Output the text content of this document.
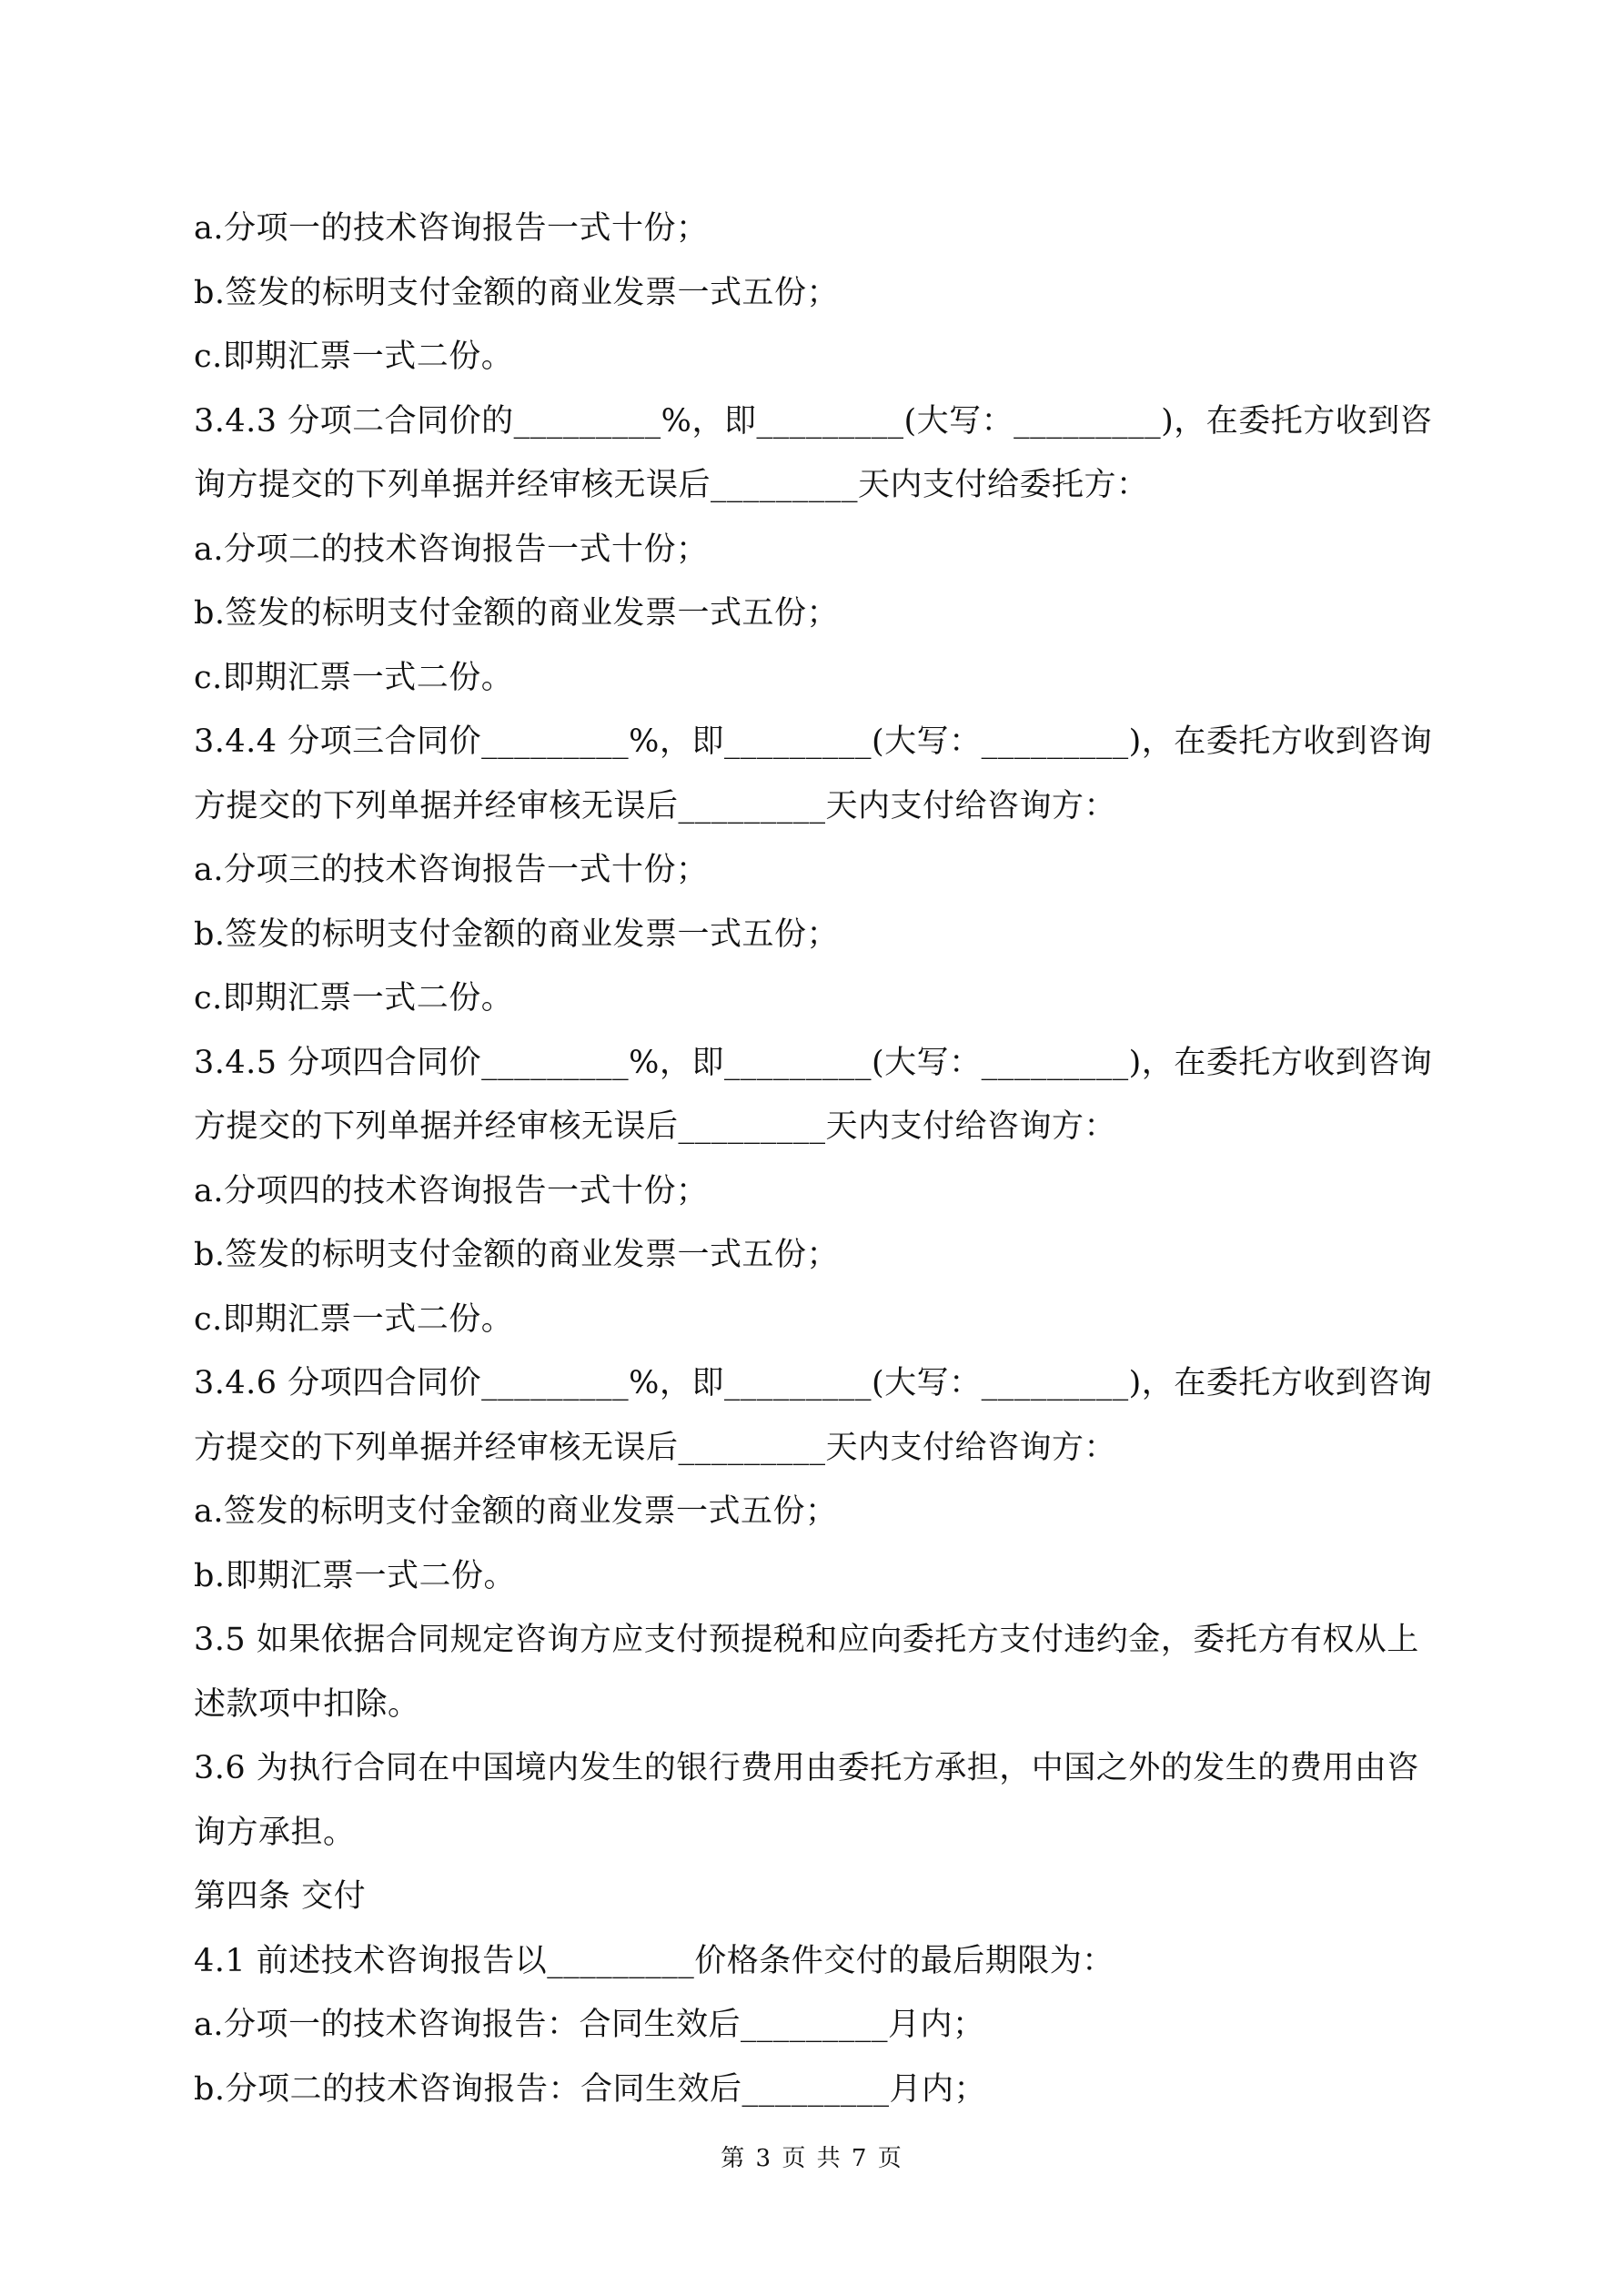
a.分项一的技术咨询报告一式十份；
b.签发的标明支付金额的商业发票一式五份；
c.即期汇票一式二份。
3.4.3 分项二合同价的_________%，即_________(大写：_________)，在委托方收到咨
询方提交的下列单据并经审核无误后_________天内支付给委托方：
a.分项二的技术咨询报告一式十份；
b.签发的标明支付金额的商业发票一式五份；
c.即期汇票一式二份。
3.4.4 分项三合同价_________%，即_________(大写：_________)，在委托方收到咨询
方提交的下列单据并经审核无误后_________天内支付给咨询方：
a.分项三的技术咨询报告一式十份；
b.签发的标明支付金额的商业发票一式五份；
c.即期汇票一式二份。
3.4.5 分项四合同价_________%，即_________(大写：_________)，在委托方收到咨询
方提交的下列单据并经审核无误后_________天内支付给咨询方：
a.分项四的技术咨询报告一式十份；
b.签发的标明支付金额的商业发票一式五份；
c.即期汇票一式二份。
3.4.6 分项四合同价_________%，即_________(大写：_________)，在委托方收到咨询
方提交的下列单据并经审核无误后_________天内支付给咨询方：
a.签发的标明支付金额的商业发票一式五份；
b.即期汇票一式二份。
3.5 如果依据合同规定咨询方应支付预提税和应向委托方支付违约金，委托方有权从上
述款项中扣除。
3.6 为执行合同在中国境内发生的银行费用由委托方承担，中国之外的发生的费用由咨
询方承担。
第四条 交付
4.1 前述技术咨询报告以_________价格条件交付的最后期限为：
a.分项一的技术咨询报告：合同生效后_________月内；
b.分项二的技术咨询报告：合同生效后_________月内；
第 3 页 共 7 页
